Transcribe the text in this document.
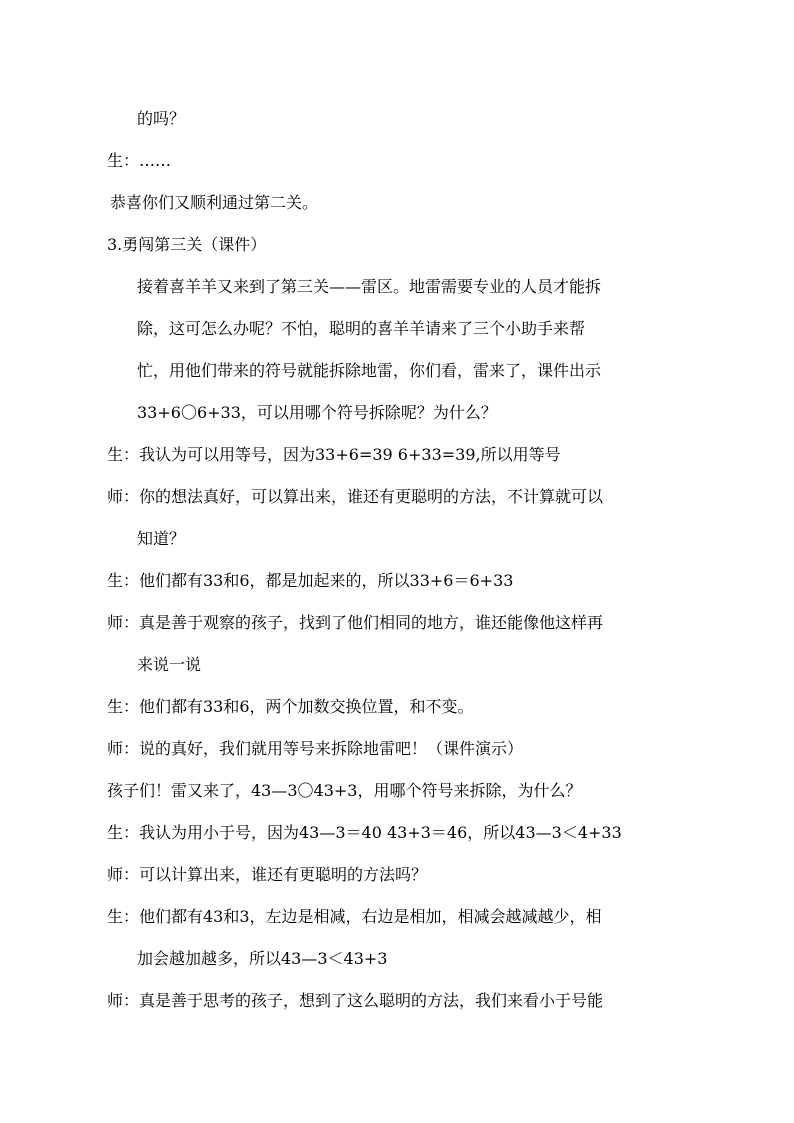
的吗？
生：……
恭喜你们又顺利通过第二关。
3.勇闯第三关（课件）
接着喜羊羊又来到了第三关——雷区。地雷需要专业的人员才能拆
除，这可怎么办呢？不怕，聪明的喜羊羊请来了三个小助手来帮
忙，用他们带来的符号就能拆除地雷，你们看，雷来了，课件出示
33+6〇6+33，可以用哪个符号拆除呢？为什么？
生：我认为可以用等号，因为33+6=39 6+33=39,所以用等号
师：你的想法真好，可以算出来，谁还有更聪明的方法，不计算就可以
知道？
生：他们都有33和6，都是加起来的，所以33+6＝6+33
师：真是善于观察的孩子，找到了他们相同的地方，谁还能像他这样再
来说一说
生：他们都有33和6，两个加数交换位置，和不变。
师：说的真好，我们就用等号来拆除地雷吧！（课件演示）
孩子们！雷又来了，43—3〇43+3，用哪个符号来拆除，为什么？
生：我认为用小于号，因为43—3＝40 43+3＝46，所以43—3＜4+33
师：可以计算出来，谁还有更聪明的方法吗？
生：他们都有43和3，左边是相减，右边是相加，相减会越减越少，相
加会越加越多，所以43—3＜43+3
师：真是善于思考的孩子，想到了这么聪明的方法，我们来看小于号能
